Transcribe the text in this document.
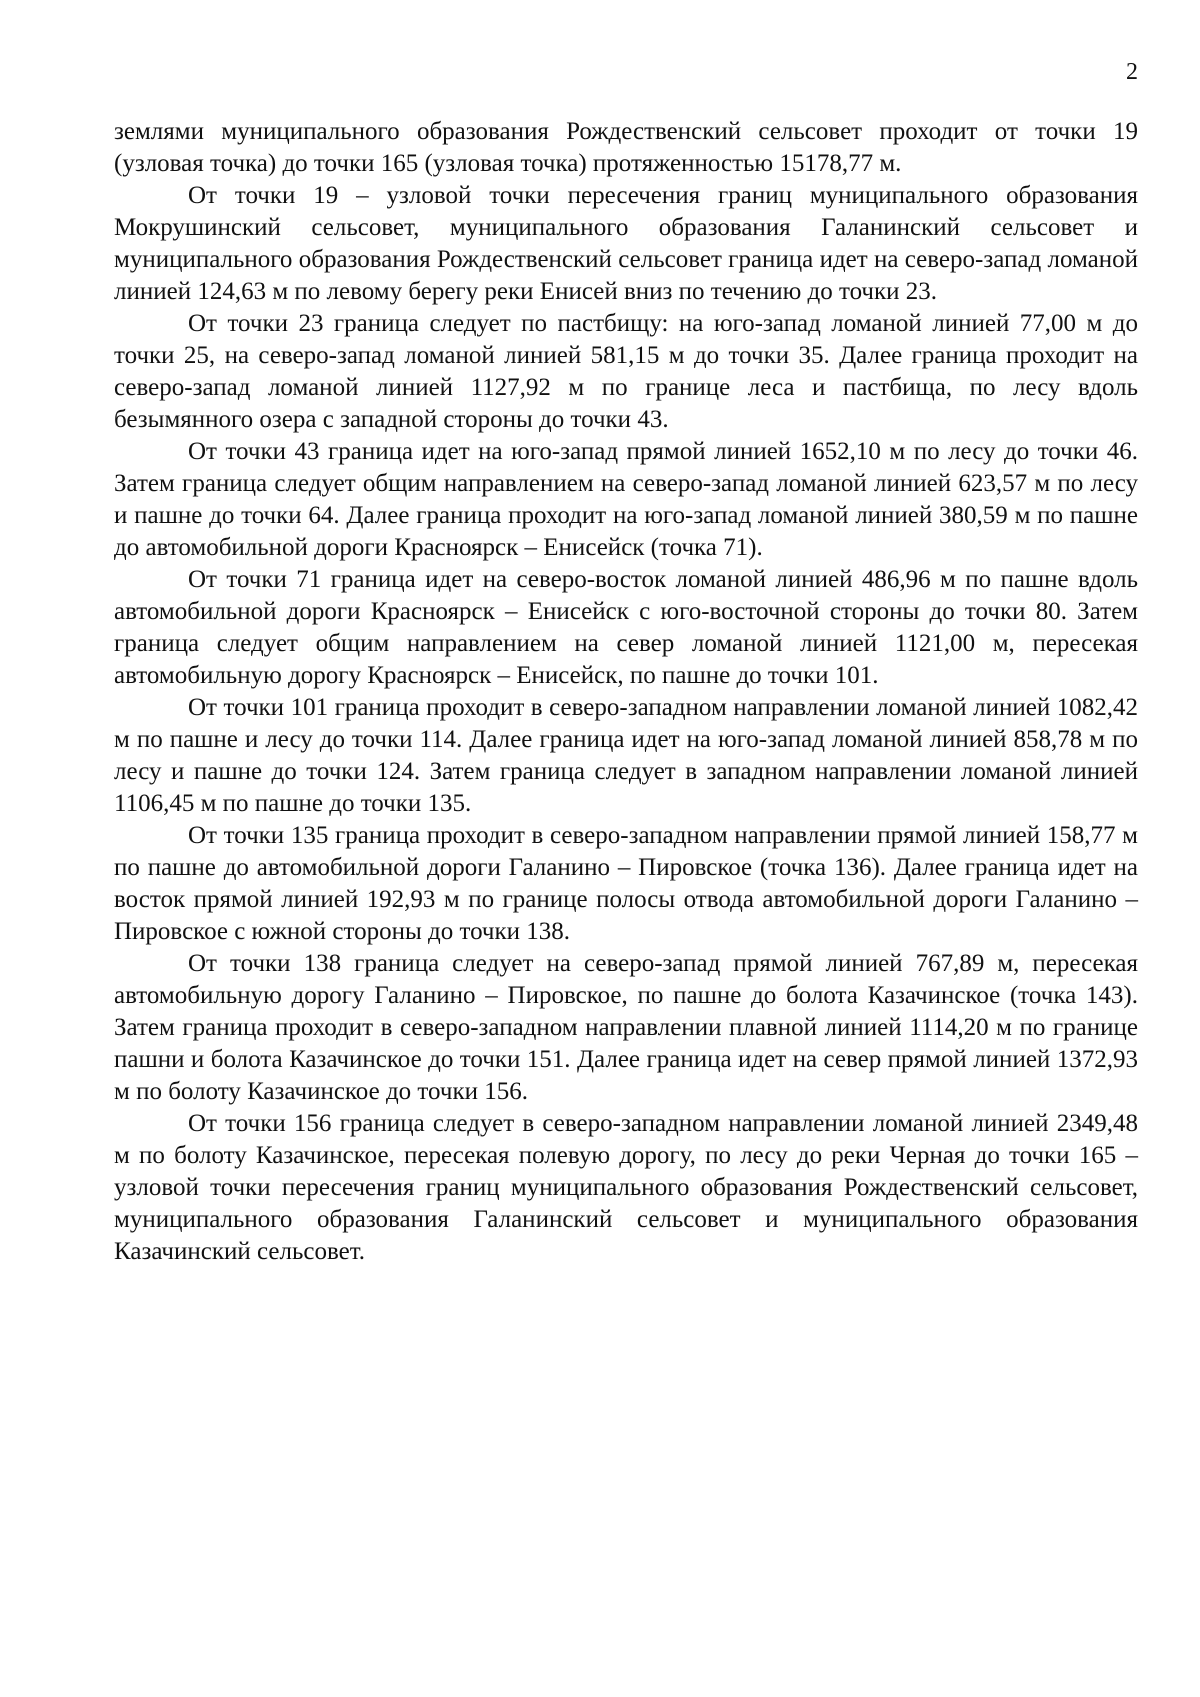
2

землями муниципального образования Рождественский сельсовет проходит от точки 19 (узловая точка) до точки 165 (узловая точка) протяженностью 15178,77 м.

От точки 19 – узловой точки пересечения границ муниципального образования Мокрушинский сельсовет, муниципального образования Галанинский сельсовет и муниципального образования Рождественский сельсовет граница идет на северо-запад ломаной линией 124,63 м по левому берегу реки Енисей вниз по течению до точки 23.

От точки 23 граница следует по пастбищу: на юго-запад ломаной линией 77,00 м до точки 25, на северо-запад ломаной линией 581,15 м до точки 35. Далее граница проходит на северо-запад ломаной линией 1127,92 м по границе леса и пастбища, по лесу вдоль безымянного озера с западной стороны до точки 43.

От точки 43 граница идет на юго-запад прямой линией 1652,10 м по лесу до точки 46. Затем граница следует общим направлением на северо-запад ломаной линией 623,57 м по лесу и пашне до точки 64. Далее граница проходит на юго-запад ломаной линией 380,59 м по пашне до автомобильной дороги Красноярск – Енисейск (точка 71).

От точки 71 граница идет на северо-восток ломаной линией 486,96 м по пашне вдоль автомобильной дороги Красноярск – Енисейск с юго-восточной стороны до точки 80. Затем граница следует общим направлением на север ломаной линией 1121,00 м, пересекая автомобильную дорогу Красноярск – Енисейск, по пашне до точки 101.

От точки 101 граница проходит в северо-западном направлении ломаной линией 1082,42 м по пашне и лесу до точки 114. Далее граница идет на юго-запад ломаной линией 858,78 м по лесу и пашне до точки 124. Затем граница следует в западном направлении ломаной линией 1106,45 м по пашне до точки 135.

От точки 135 граница проходит в северо-западном направлении прямой линией 158,77 м по пашне до автомобильной дороги Галанино – Пировское (точка 136). Далее граница идет на восток прямой линией 192,93 м по границе полосы отвода автомобильной дороги Галанино – Пировское с южной стороны до точки 138.

От точки 138 граница следует на северо-запад прямой линией 767,89 м, пересекая автомобильную дорогу Галанино – Пировское, по пашне до болота Казачинское (точка 143). Затем граница проходит в северо-западном направлении плавной линией 1114,20 м по границе пашни и болота Казачинское до точки 151. Далее граница идет на север прямой линией 1372,93 м по болоту Казачинское до точки 156.

От точки 156 граница следует в северо-западном направлении ломаной линией 2349,48 м по болоту Казачинское, пересекая полевую дорогу, по лесу до реки Черная до точки 165 – узловой точки пересечения границ муниципального образования Рождественский сельсовет, муниципального образования Галанинский сельсовет и муниципального образования Казачинский сельсовет.
